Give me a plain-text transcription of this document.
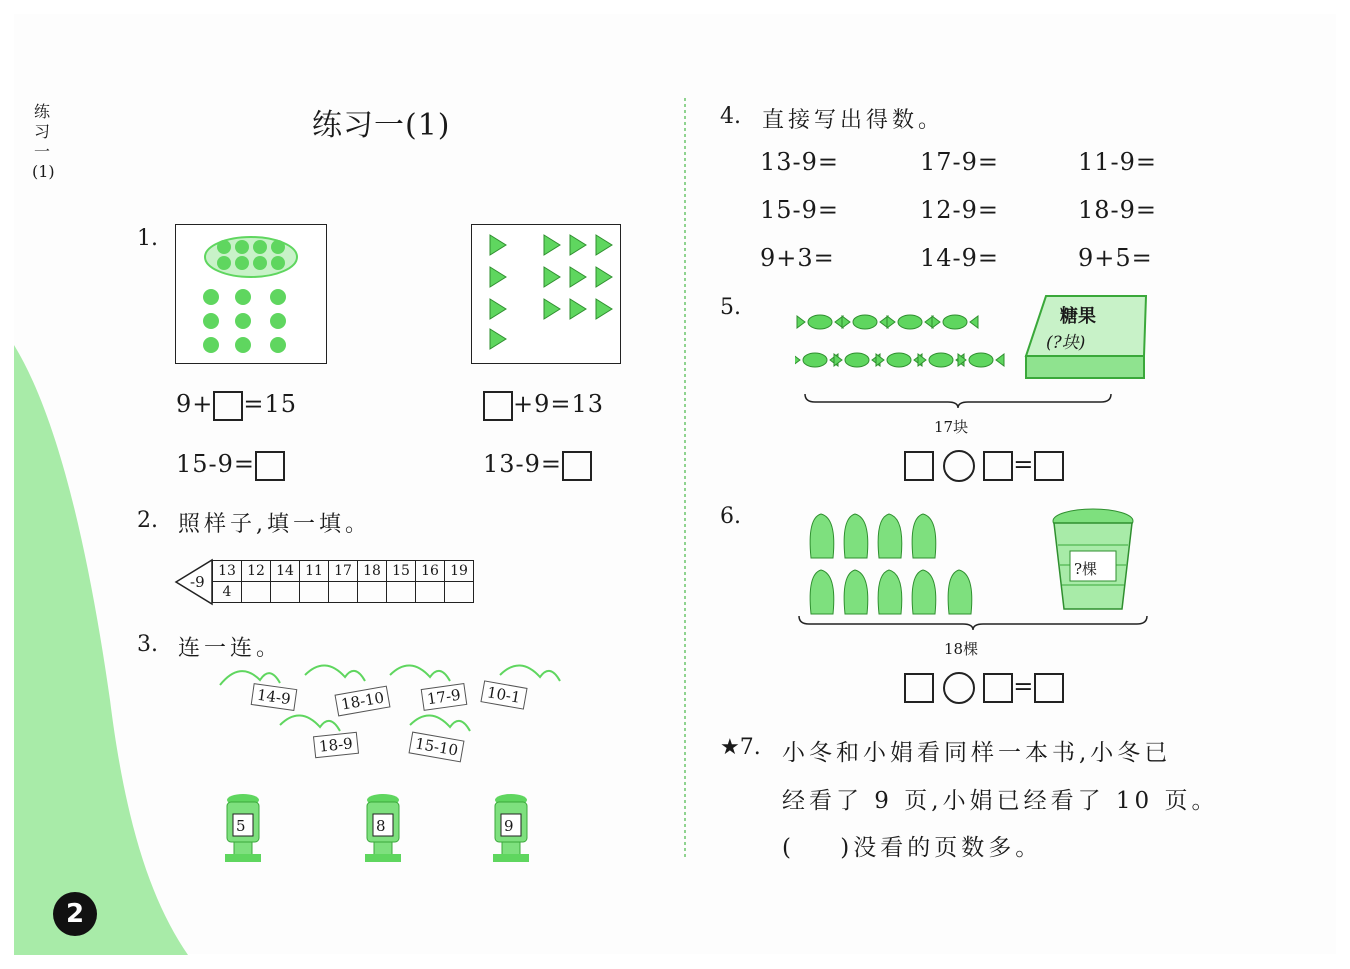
练习一(1)
2
练习一(1)
1.
9+ =15
15-9=
+9=13
13-9=
2. 照样子,填一填。
-9
13	12	14	11	17	18	15	16	19
4								
3. 连一连。
14-9	18-10	17-9	10-1
18-9	15-10
5	8	9
4. 直接写出得数。
13-9=	17-9=	11-9=
15-9=	12-9=	18-9=
9+3=	14-9=	9+5=
5.	糖果
(?块)
17块
=
6.
?棵
18棵
=
★7. 小冬和小娟看同样一本书,小冬已
经看了 9 页,小娟已经看了 10 页。
(    )没看的页数多。
